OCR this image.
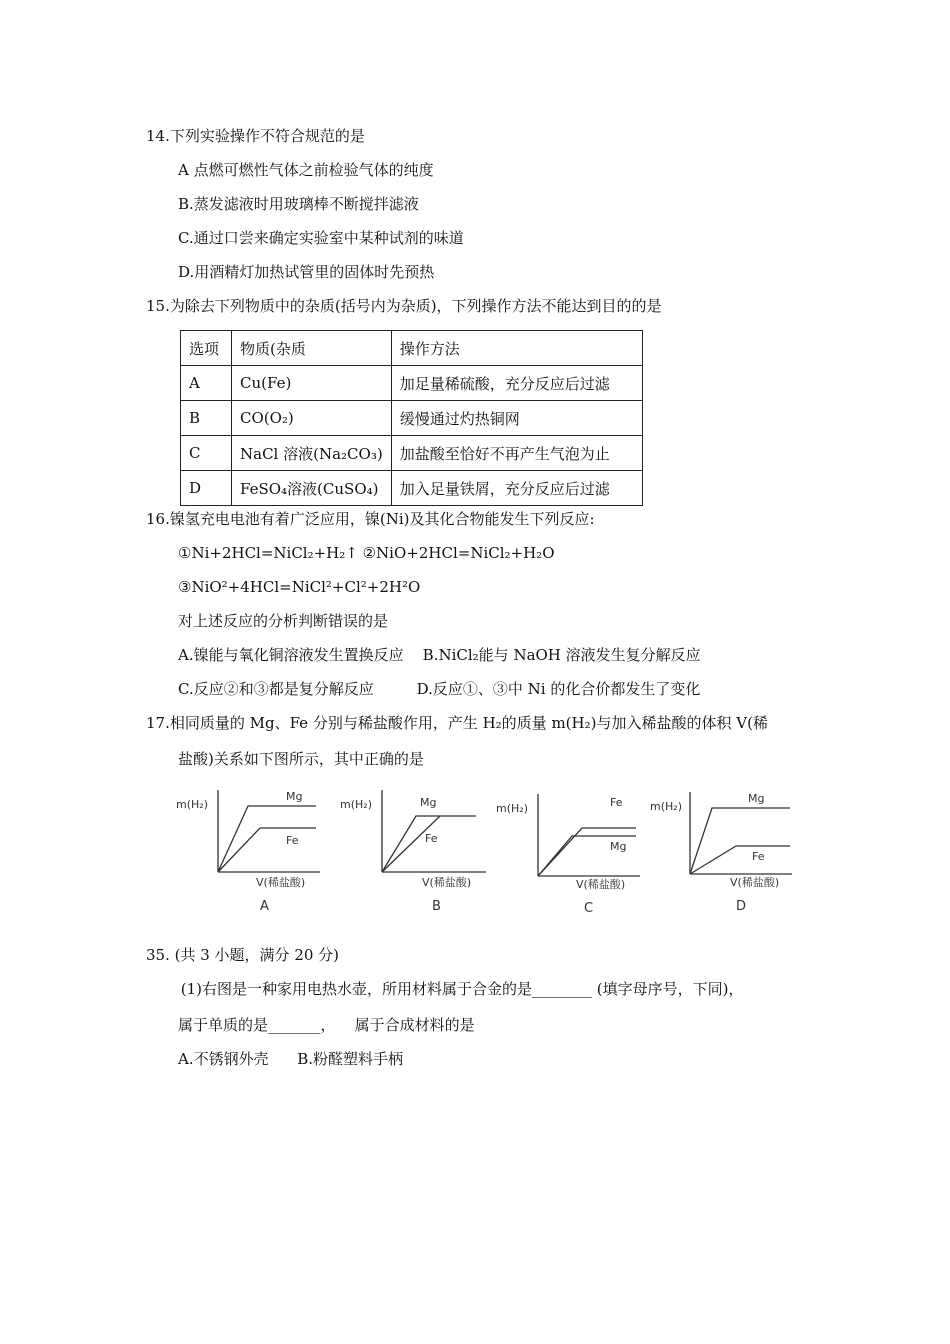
14.下列实验操作不符合规范的是
A 点燃可燃性气体之前检验气体的纯度
B.蒸发滤液时用玻璃棒不断搅拌滤液
C.通过口尝来确定实验室中某种试剂的味道
D.用酒精灯加热试管里的固体时先预热
15.为除去下列物质中的杂质(括号内为杂质)，下列操作方法不能达到目的的是
选项	物质(杂质	操作方法
A	Cu(Fe)	加足量稀硫酸，充分反应后过滤
B	CO(O₂)	缓慢通过灼热铜网
C	NaCl 溶液(Na₂CO₃)	加盐酸至恰好不再产生气泡为止
D	FeSO₄溶液(CuSO₄)	加入足量铁屑，充分反应后过滤
16.镍氢充电电池有着广泛应用，镍(Ni)及其化合物能发生下列反应:
①Ni+2HCl=NiCl₂+H₂↑ ②NiO+2HCl=NiCl₂+H₂O
③NiO²+4HCl=NiCl²+Cl²+2H²O
对上述反应的分析判断错误的是
A.镍能与氧化铜溶液发生置换反应    B.NiCl₂能与 NaOH 溶液发生复分解反应
C.反应②和③都是复分解反应         D.反应①、③中 Ni 的化合价都发生了变化
17.相同质量的 Mg、Fe 分别与稀盐酸作用，产生 H₂的质量 m(H₂)与加入稀盐酸的体积 V(稀
盐酸)关系如下图所示，其中正确的是
m(H₂)
Mg
Fe
V(稀盐酸)
A
m(H₂)	Mg
Fe
V(稀盐酸)
B
m(H₂)	Fe
Mg
V(稀盐酸)
C
m(H₂)
Mg
Fe
V(稀盐酸)
D
35. (共 3 小题，满分 20 分)
(1)右图是一种家用电热水壶，所用材料属于合金的是________ (填字母序号，下同)，
属于单质的是_______，    属于合成材料的是
A.不锈钢外壳      B.粉醛塑料手柄
